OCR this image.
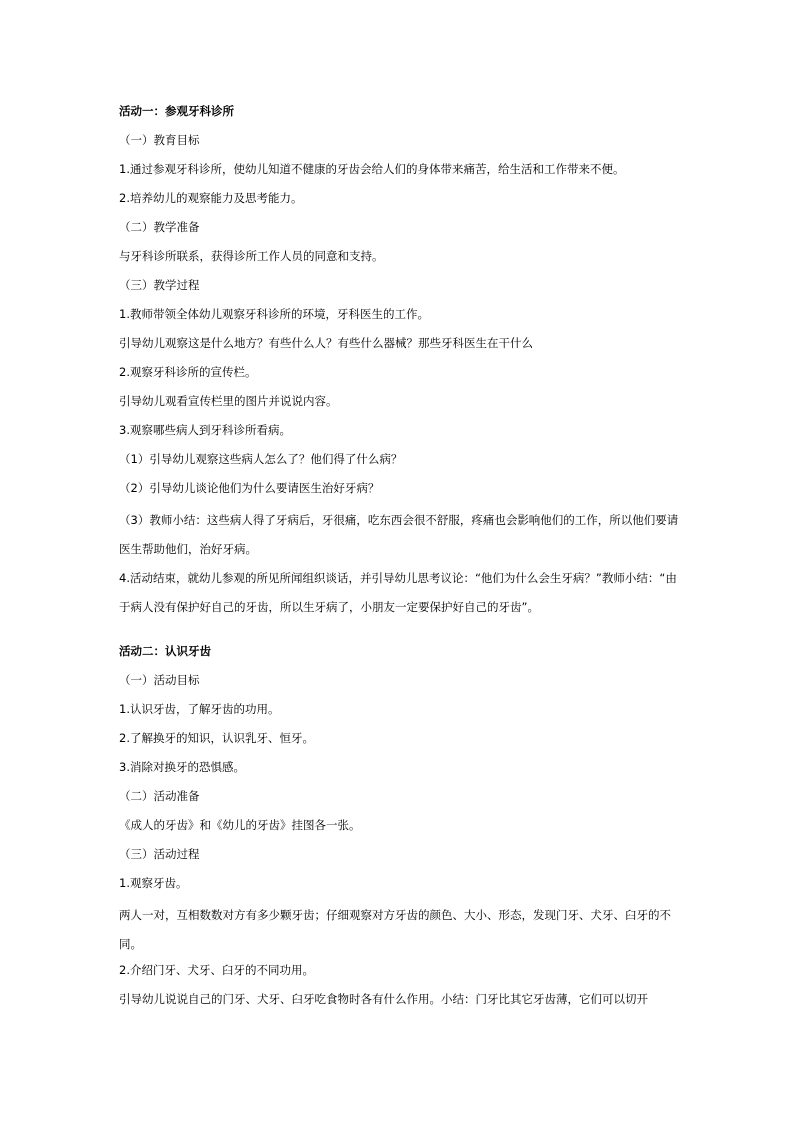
活动一：参观牙科诊所
（一）教育目标
1.通过参观牙科诊所，使幼儿知道不健康的牙齿会给人们的身体带来痛苦，给生活和工作带来不便。
2.培养幼儿的观察能力及思考能力。
（二）教学准备
与牙科诊所联系，获得诊所工作人员的同意和支持。
（三）教学过程
1.教师带领全体幼儿观察牙科诊所的环境，牙科医生的工作。
引导幼儿观察这是什么地方？有些什么人？有些什么器械？那些牙科医生在干什么
2.观察牙科诊所的宣传栏。
引导幼儿观看宣传栏里的图片并说说内容。
3.观察哪些病人到牙科诊所看病。
（1）引导幼儿观察这些病人怎么了？他们得了什么病？
（2）引导幼儿谈论他们为什么要请医生治好牙病？
（3）教师小结：这些病人得了牙病后，牙很痛，吃东西会很不舒服，疼痛也会影响他们的工作，所以他们要请医生帮助他们，治好牙病。
4.活动结束，就幼儿参观的所见所闻组织谈话，并引导幼儿思考议论：“他们为什么会生牙病？”教师小结：“由于病人没有保护好自己的牙齿，所以生牙病了，小朋友一定要保护好自己的牙齿”。
活动二：认识牙齿
（一）活动目标
1.认识牙齿，了解牙齿的功用。
2.了解换牙的知识，认识乳牙、恒牙。
3.消除对换牙的恐惧感。
（二）活动准备
《成人的牙齿》和《幼儿的牙齿》挂图各一张。
（三）活动过程
1.观察牙齿。
两人一对，互相数数对方有多少颗牙齿；仔细观察对方牙齿的颜色、大小、形态，发现门牙、犬牙、臼牙的不同。
2.介绍门牙、犬牙、臼牙的不同功用。
引导幼儿说说自己的门牙、犬牙、臼牙吃食物时各有什么作用。小结：门牙比其它牙齿薄，它们可以切开
